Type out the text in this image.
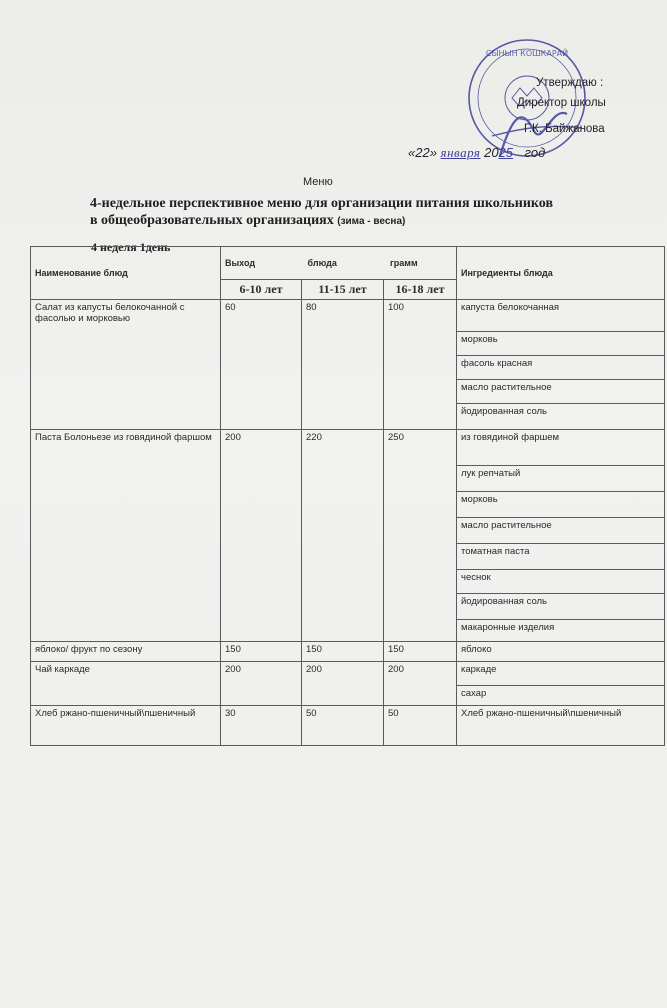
СЫНЫН КОШКАРАЙ
Утверждаю :
Директор школы
Г.К. Байжанова
«22» января 2025 год
Меню
4-недельное перспективное меню для организации питания школьников
в общеобразовательных организациях (зима - весна)
4 неделя 1день
Наименование блюд	Выход блюда грамм			Ингредиенты блюда
	6-10 лет	11-15 лет	16-18 лет	
Салат из капусты белокочанной с фасолью и морковью	60	80	100	капуста белокочанная
				морковь
				фасоль красная
				масло растительное
				йодированная соль
Паста Болоньезе из говядиной фаршом	200	220	250	из говядиной фаршем
				лук репчатый
				морковь
				масло растительное
				томатная паста
				чеснок
				йодированная соль
				макаронные изделия
яблоко/ фрукт по сезону	150	150	150	яблоко
Чай каркаде	200	200	200	каркаде
				сахар
Хлеб ржано-пшеничный\пшеничный	30	50	50	Хлеб ржано-пшеничный\пшеничный
